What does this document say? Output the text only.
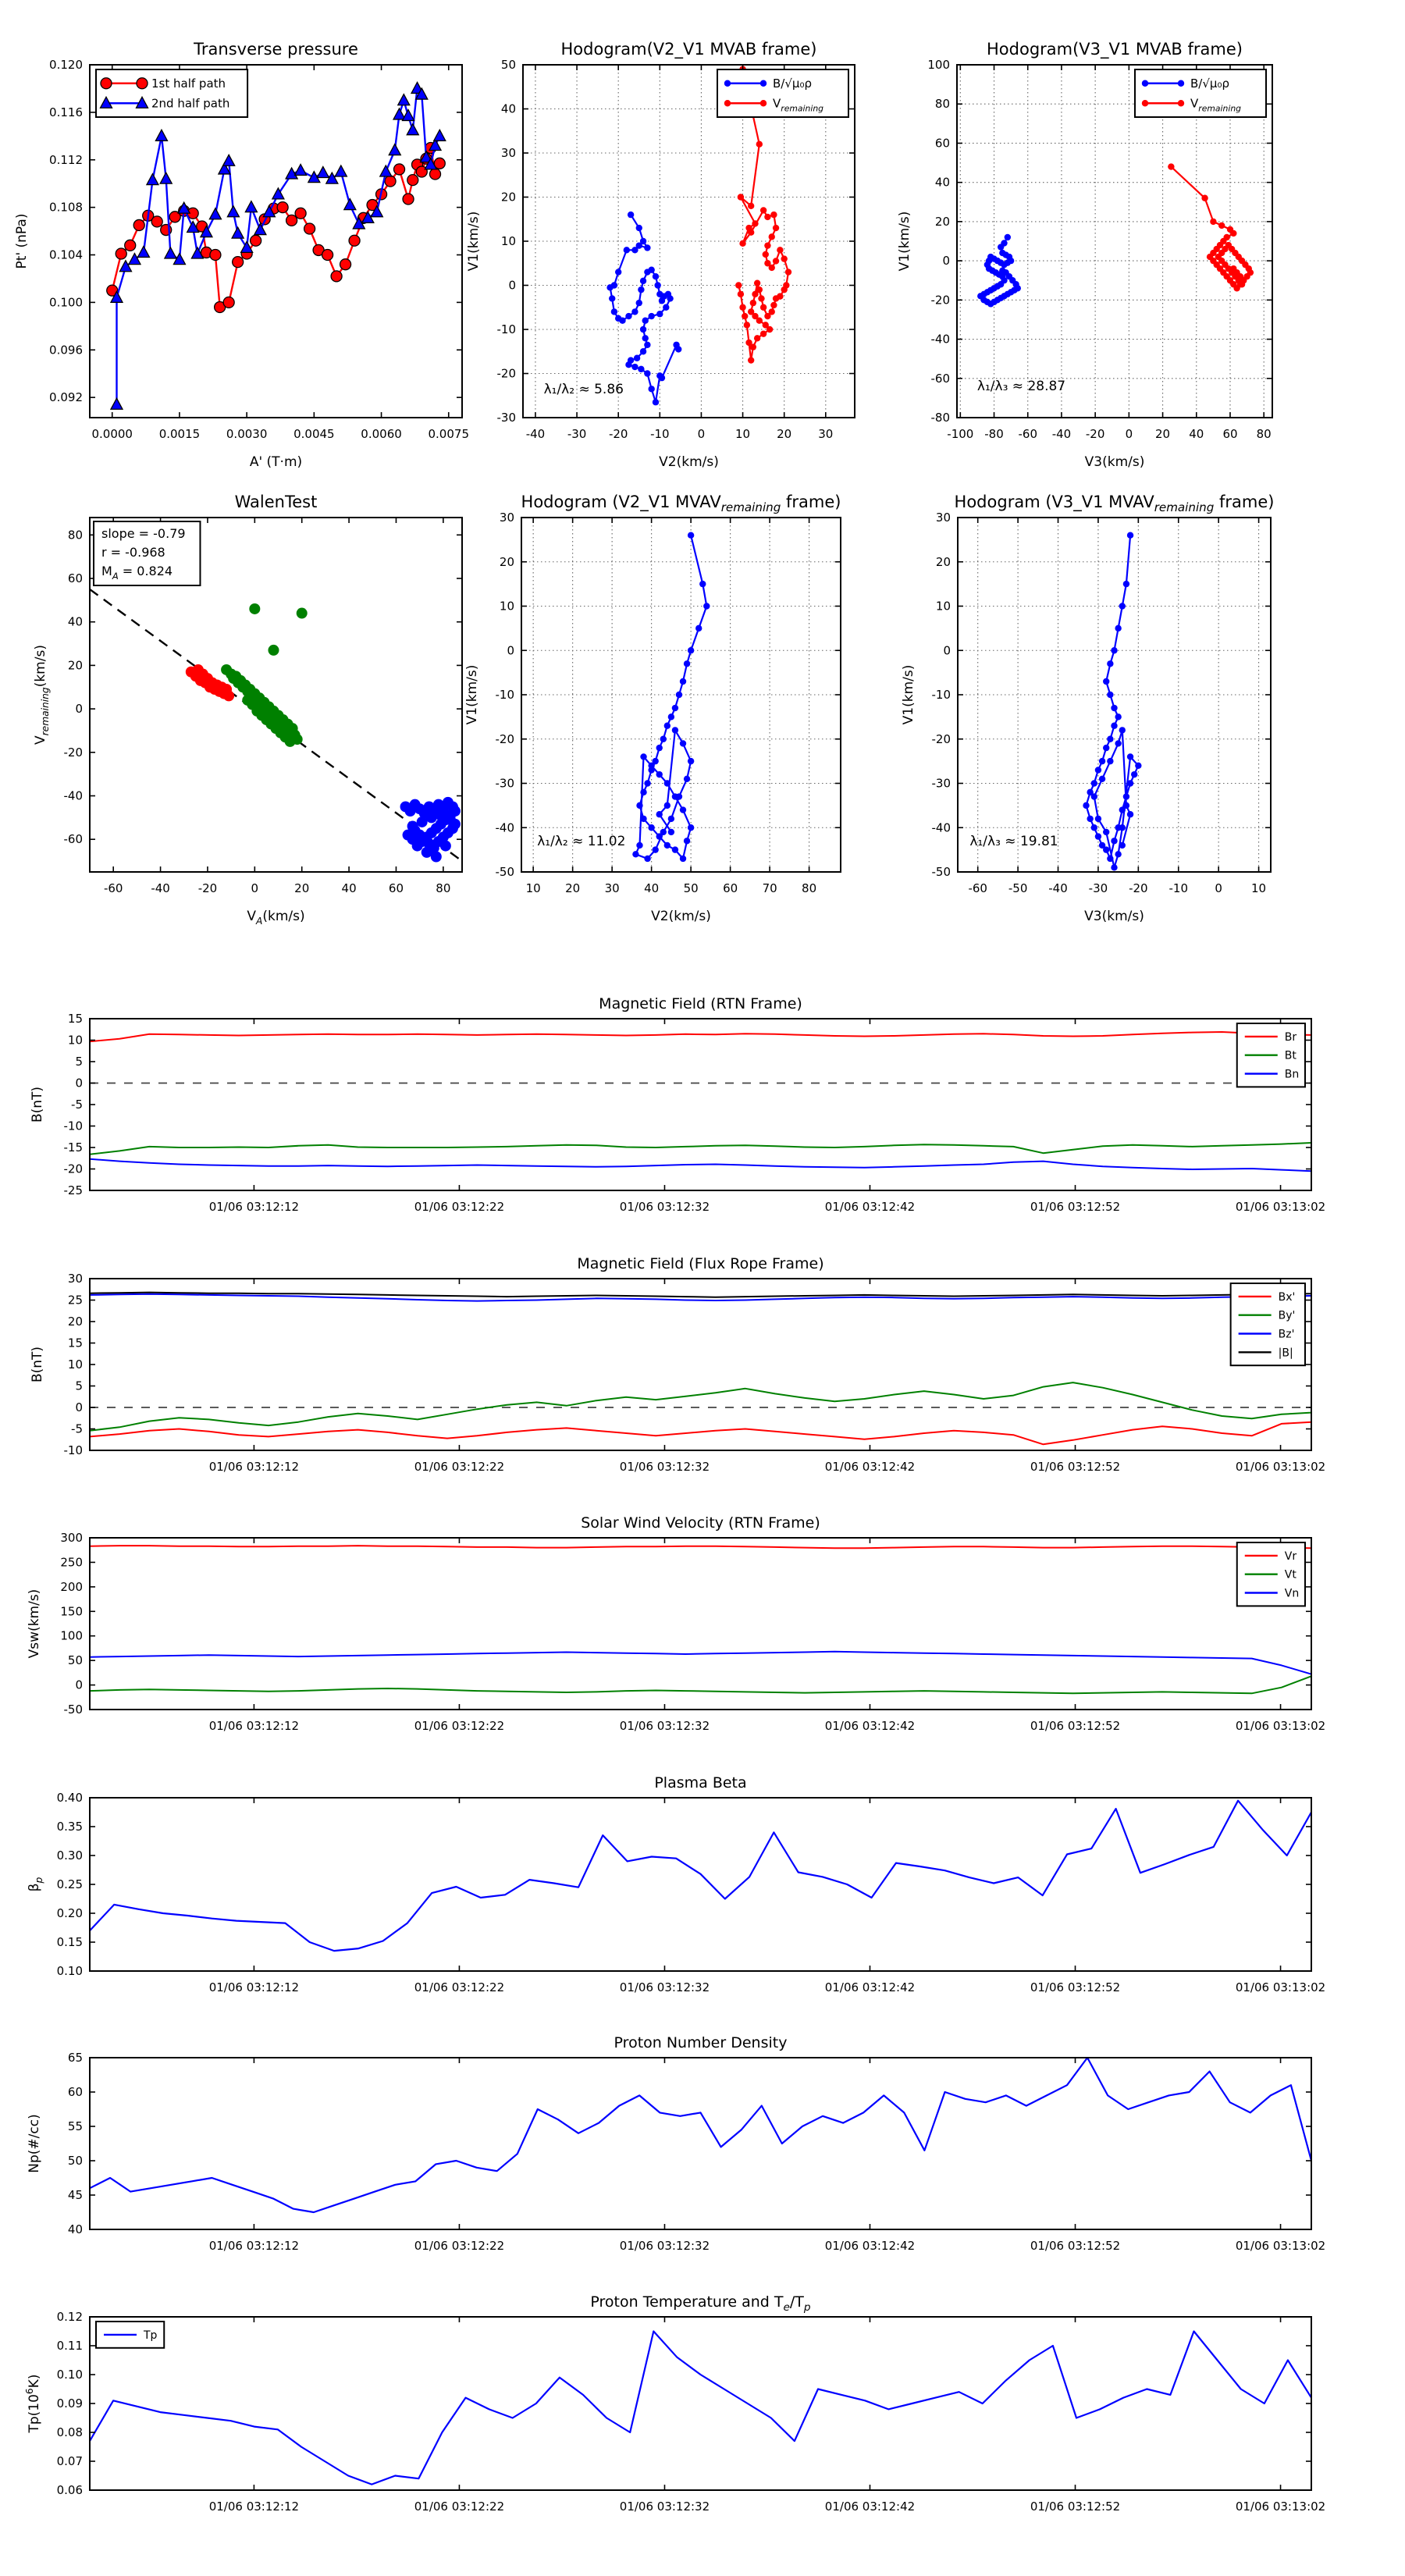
0.0000 0.0015 0.0030 0.0045 0.0060 0.0075
0.120
0.116
0.112
0.108
0.104
0.100
0.096
0.092
Transverse pressure
A' (T·m)
Pt' (nPa)
1st half path
2nd half path
-40 -30 -20 -10 0	10 20 30
50
40
30
20
10
0
-10
-20
-30
Hodogram(V2_V1 MVAB frame)
V2(km/s)
V1(km/s)
λ₁/λ₂ ≈ 5.86
B/√μ₀ρ
$V_{remaining}$
-100 -80 -60 -40 -20 0 20 40 60 80
100
80
60
40
20
0
-20
-40
-60
-80
Hodogram(V3_V1 MVAB frame)
V3(km/s)
V1(km/s)
λ₁/λ₃ ≈ 28.87
B/√μ₀ρ
$V_{remaining}$
-60 -40 -20	0	20	40	60	80
80
60
40
20
0
-20
-40
-60
WalenTest
$V_A(km/s)$
$V_{remaining}(km/s)$
slope = -0.79
r = -0.968
$M_A = 0.824$
10 20 30 40 50 60 70 80
30
20
10
0
-10
-20
-30
-40
-50
Hodogram (V2_V1 $MVAV_{remaining}$ frame)
V2(km/s)
V1(km/s)
λ₁/λ₂ ≈ 11.02
-60 -50 -40 -30 -20 -10 0 10
30
20
10
0
-10
-20
-30
-40
-50
Hodogram (V3_V1 $MVAV_{remaining}$ frame)
V3(km/s)
V1(km/s)
λ₁/λ₃ ≈ 19.81
01/06 03:12:12	01/06 03:12:22	01/06 03:12:32	01/06 03:12:42	01/06 03:12:52	01/06 03:13:02
15
10
5
0
-5
-10
-15
-20
-25
Magnetic Field (RTN Frame)
B(nT)
Br
Bt
Bn
01/06 03:12:12	01/06 03:12:22	01/06 03:12:32	01/06 03:12:42	01/06 03:12:52	01/06 03:13:02
30
25
20
15
10
5
0
-5
-10
Magnetic Field (Flux Rope Frame)
B(nT)
Bx'
By'
Bz'
|B|
01/06 03:12:12	01/06 03:12:22	01/06 03:12:32	01/06 03:12:42	01/06 03:12:52	01/06 03:13:02
300
250
200
150
100
50
0
-50
Solar Wind Velocity (RTN Frame)
Vsw(km/s)
Vr
Vt
Vn
01/06 03:12:12	01/06 03:12:22	01/06 03:12:32	01/06 03:12:42	01/06 03:12:52	01/06 03:13:02
0.40
0.35
0.30
0.25
0.20
0.15
0.10
Plasma Beta
$\beta_p$
01/06 03:12:12	01/06 03:12:22	01/06 03:12:32	01/06 03:12:42	01/06 03:12:52	01/06 03:13:02
65
60
55
50
45
40
Proton Number Density
Np(#/cc)
01/06 03:12:12	01/06 03:12:22	01/06 03:12:32	01/06 03:12:42	01/06 03:12:52	01/06 03:13:02
0.12
0.11
0.10
0.09
0.08
0.07
0.06
Proton Temperature and $T_e/T_p$
$Tp(10^6K)$
Tp
